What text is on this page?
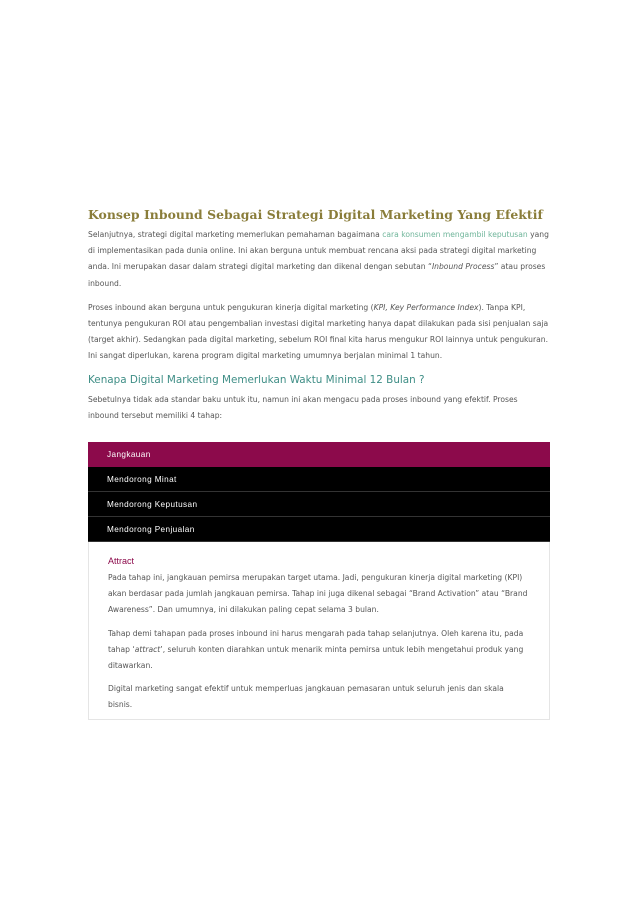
Konsep Inbound Sebagai Strategi Digital Marketing Yang Efektif

Selanjutnya, strategi digital marketing memerlukan pemahaman bagaimana cara konsumen mengambil keputusan yang di implementasikan pada dunia online. Ini akan berguna untuk membuat rencana aksi pada strategi digital marketing anda. Ini merupakan dasar dalam strategi digital marketing dan dikenal dengan sebutan “Inbound Process” atau proses inbound.

Proses inbound akan berguna untuk pengukuran kinerja digital marketing (KPI, Key Performance Index). Tanpa KPI, tentunya pengukuran ROI atau pengembalian investasi digital marketing hanya dapat dilakukan pada sisi penjualan saja (target akhir). Sedangkan pada digital marketing, sebelum ROI final kita harus mengukur ROI lainnya untuk pengukuran. Ini sangat diperlukan, karena program digital marketing umumnya berjalan minimal 1 tahun.

Kenapa Digital Marketing Memerlukan Waktu Minimal 12 Bulan ?

Sebetulnya tidak ada standar baku untuk itu, namun ini akan mengacu pada proses inbound yang efektif. Proses inbound tersebut memiliki 4 tahap:

Jangkauan
Mendorong Minat
Mendorong Keputusan
Mendorong Penjualan
Attract

Pada tahap ini, jangkauan pemirsa merupakan target utama. Jadi, pengukuran kinerja digital marketing (KPI) akan berdasar pada jumlah jangkauan pemirsa. Tahap ini juga dikenal sebagai “Brand Activation” atau “Brand Awareness”. Dan umumnya, ini dilakukan paling cepat selama 3 bulan.

Tahap demi tahapan pada proses inbound ini harus mengarah pada tahap selanjutnya. Oleh karena itu, pada tahap ‘attract’, seluruh konten diarahkan untuk menarik minta pemirsa untuk lebih mengetahui produk yang ditawarkan.

Digital marketing sangat efektif untuk memperluas jangkauan pemasaran untuk seluruh jenis dan skala bisnis.
